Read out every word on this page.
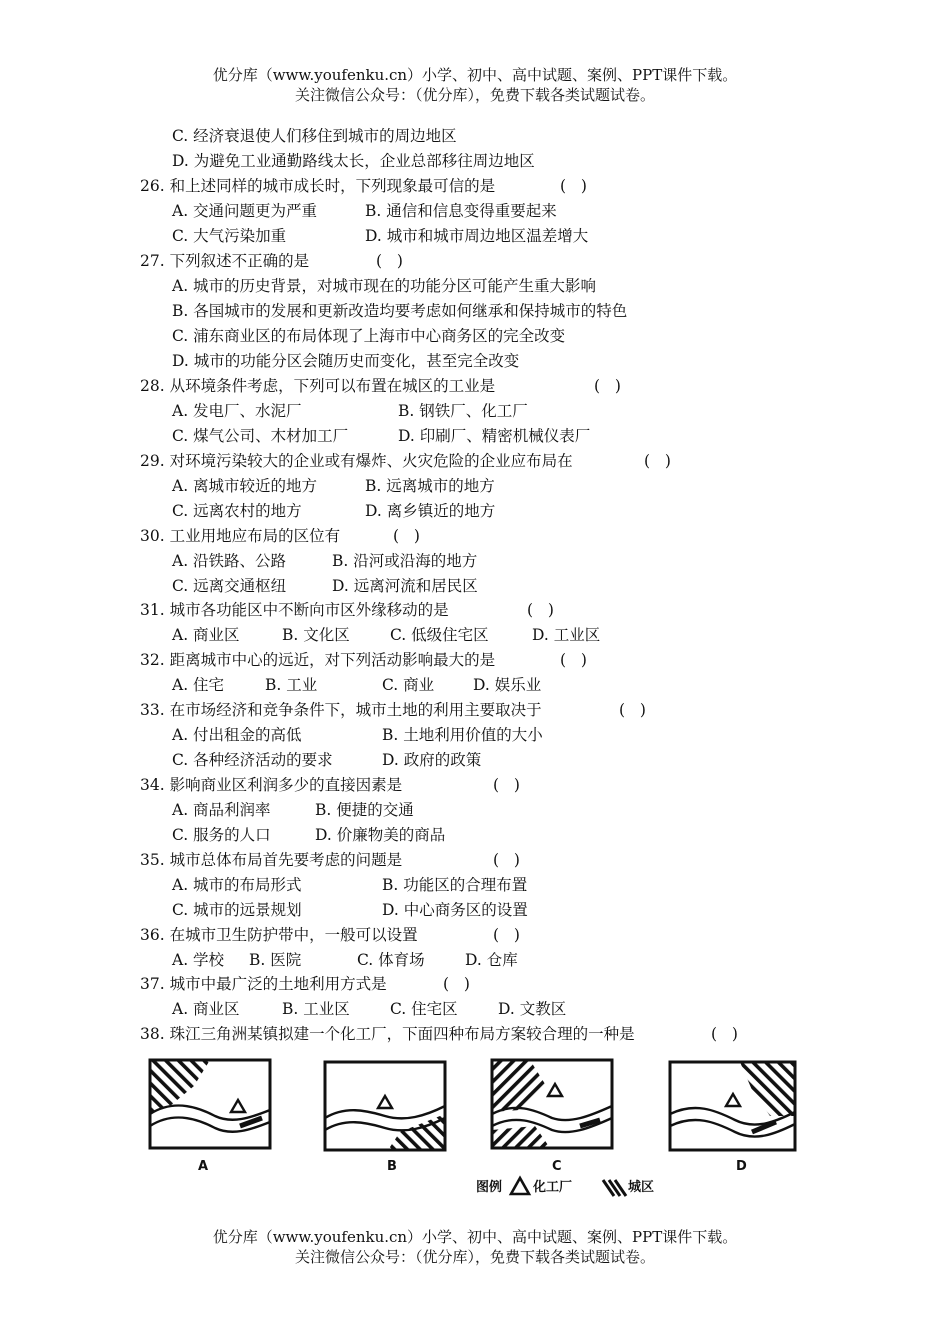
优分库（www.youfenku.cn）小学、初中、高中试题、案例、PPT课件下载。
关注微信公众号：（优分库），免费下载各类试题试卷。
C. 经济衰退使人们移住到城市的周边地区
D. 为避免工业通勤路线太长，企业总部移往周边地区
26. 和上述同样的城市成长时，下列现象最可信的是	(   )
A. 交通问题更为严重	B. 通信和信息变得重要起来
C. 大气污染加重	D. 城市和城市周边地区温差增大
27. 下列叙述不正确的是	(   )
A. 城市的历史背景，对城市现在的功能分区可能产生重大影响
B. 各国城市的发展和更新改造均要考虑如何继承和保持城市的特色
C. 浦东商业区的布局体现了上海市中心商务区的完全改变
D. 城市的功能分区会随历史而变化，甚至完全改变
28. 从环境条件考虑，下列可以布置在城区的工业是	(   )
A. 发电厂、水泥厂	B. 钢铁厂、化工厂
C. 煤气公司、木材加工厂	D. 印刷厂、精密机械仪表厂
29. 对环境污染较大的企业或有爆炸、火灾危险的企业应布局在	(   )
A. 离城市较近的地方	B. 远离城市的地方
C. 远离农村的地方	D. 离乡镇近的地方
30. 工业用地应布局的区位有	(   )
A. 沿铁路、公路	B. 沿河或沿海的地方
C. 远离交通枢纽	D. 远离河流和居民区
31. 城市各功能区中不断向市区外缘移动的是	(   )
A. 商业区	B. 文化区	C. 低级住宅区	D. 工业区
32. 距离城市中心的远近，对下列活动影响最大的是	(   )
A. 住宅	B. 工业	C. 商业	D. 娱乐业
33. 在市场经济和竞争条件下，城市土地的利用主要取决于	(   )
A. 付出租金的高低	B. 土地利用价值的大小
C. 各种经济活动的要求	D. 政府的政策
34. 影响商业区利润多少的直接因素是	(   )
A. 商品利润率	B. 便捷的交通
C. 服务的人口	D. 价廉物美的商品
35. 城市总体布局首先要考虑的问题是	(   )
A. 城市的布局形式	B. 功能区的合理布置
C. 城市的远景规划	D. 中心商务区的设置
36. 在城市卫生防护带中，一般可以设置	(   )
A. 学校 B. 医院	C. 体育场	D. 仓库
37. 城市中最广泛的土地利用方式是	(   )
A. 商业区	B. 工业区	C. 住宅区	D. 文教区
38. 珠江三角洲某镇拟建一个化工厂，下面四种布局方案较合理的一种是	(   )
A	B	C	D
图例 化工厂	城区
优分库（www.youfenku.cn）小学、初中、高中试题、案例、PPT课件下载。
关注微信公众号：（优分库），免费下载各类试题试卷。
